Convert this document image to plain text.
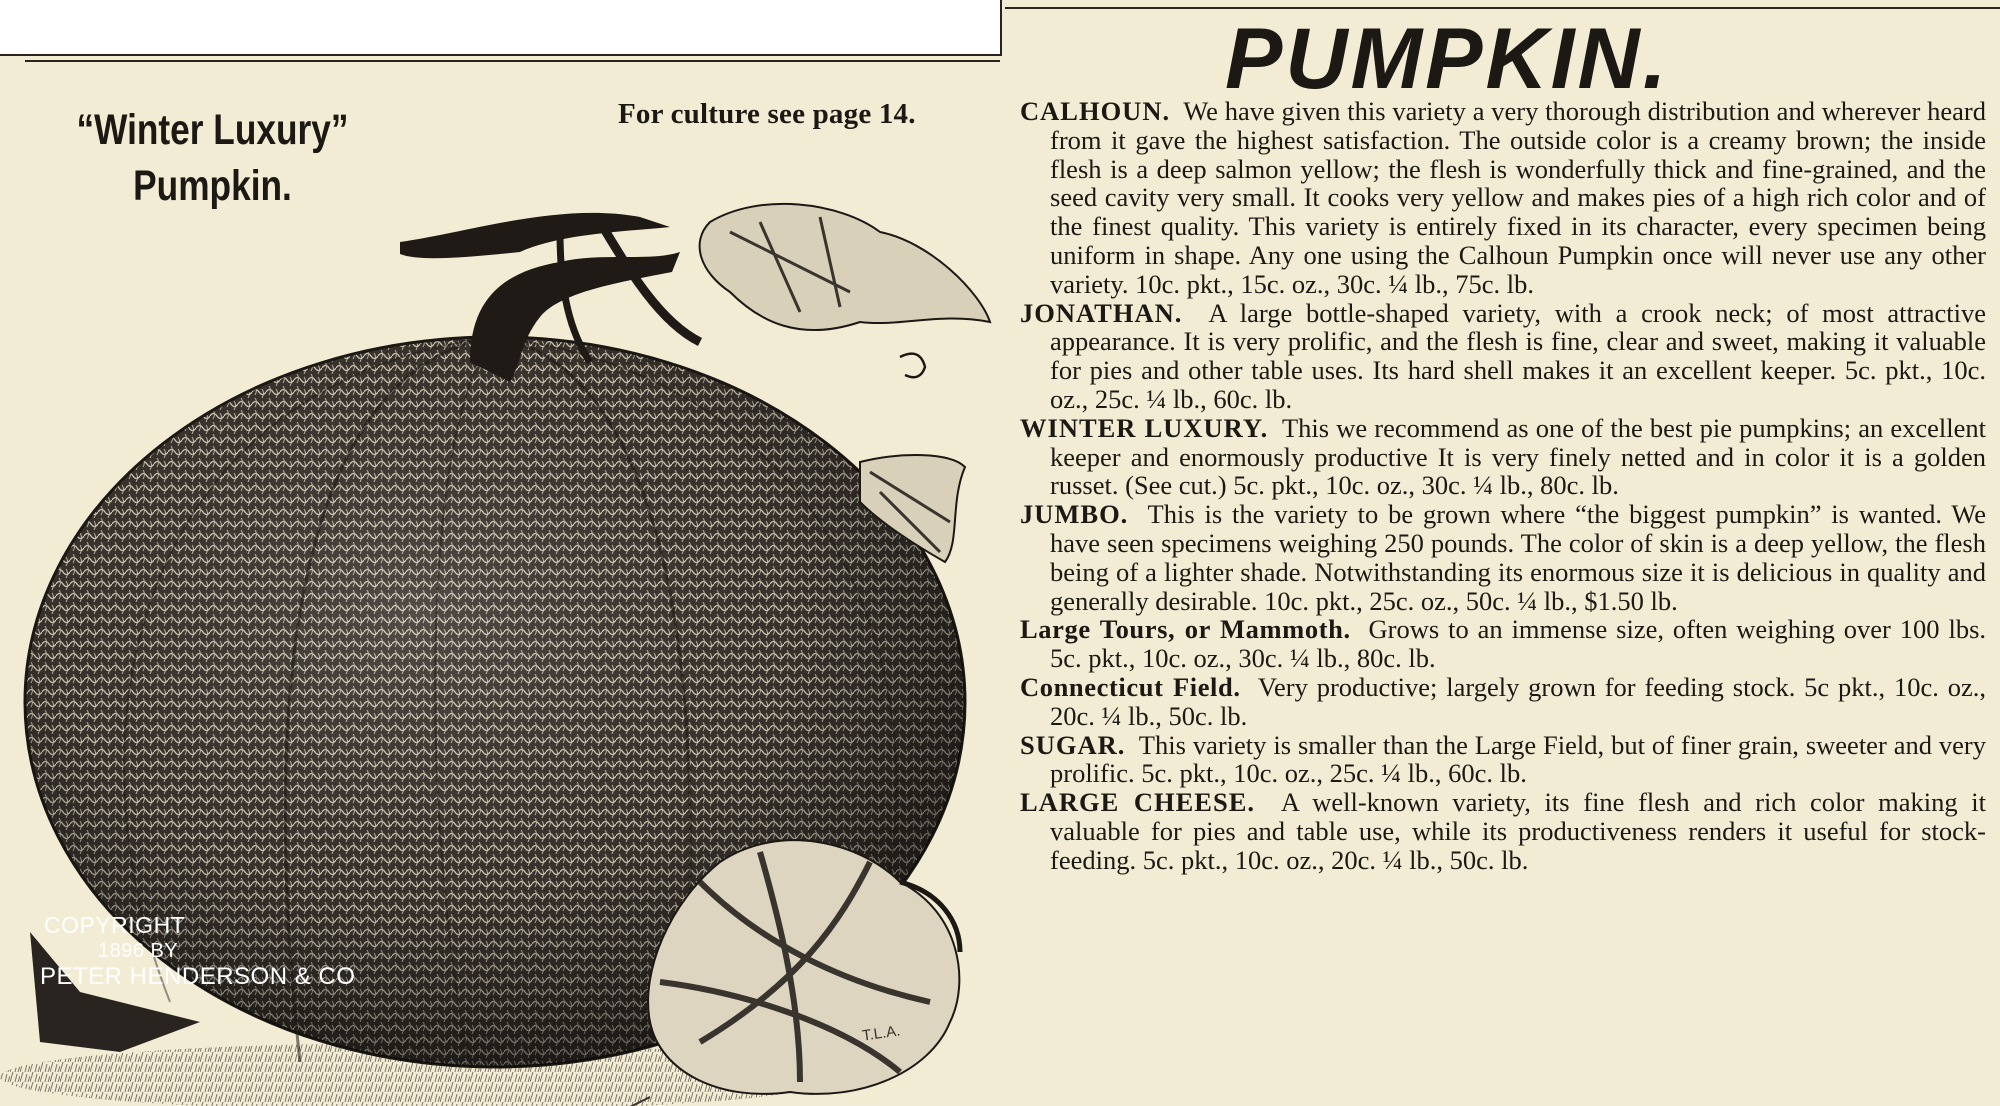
“Winter Luxury”
Pumpkin.
For culture see page 14.
COPYRIGHT
1896 BY
PETER HENDERSON & CO
T.L.A.
PUMPKIN.

CALHOUN. We have given this variety a very thorough distribution and wherever heard from it gave the highest satisfaction. The outside color is a creamy brown; the inside flesh is a deep salmon yellow; the flesh is wonderfully thick and fine-grained, and the seed cavity very small. It cooks very yellow and makes pies of a high rich color and of the finest quality. This variety is entirely fixed in its character, every specimen being uniform in shape. Any one using the Calhoun Pumpkin once will never use any other variety. 10c. pkt., 15c. oz., 30c. ¼ lb., 75c. lb.

JONATHAN. A large bottle-shaped variety, with a crook neck; of most attractive appearance. It is very prolific, and the flesh is fine, clear and sweet, making it valuable for pies and other table uses. Its hard shell makes it an excellent keeper. 5c. pkt., 10c. oz., 25c. ¼ lb., 60c. lb.

WINTER LUXURY. This we recommend as one of the best pie pumpkins; an excellent keeper and enormously productive It is very finely netted and in color it is a golden russet. (See cut.) 5c. pkt., 10c. oz., 30c. ¼ lb., 80c. lb.

JUMBO. This is the variety to be grown where “the biggest pumpkin” is wanted. We have seen specimens weighing 250 pounds. The color of skin is a deep yellow, the flesh being of a lighter shade. Notwithstanding its enormous size it is delicious in quality and generally desirable. 10c. pkt., 25c. oz., 50c. ¼ lb., $1.50 lb.

Large Tours, or Mammoth. Grows to an immense size, often weighing over 100 lbs. 5c. pkt., 10c. oz., 30c. ¼ lb., 80c. lb.

Connecticut Field. Very productive; largely grown for feeding stock. 5c pkt., 10c. oz., 20c. ¼ lb., 50c. lb.

SUGAR. This variety is smaller than the Large Field, but of finer grain, sweeter and very prolific. 5c. pkt., 10c. oz., 25c. ¼ lb., 60c. lb.

LARGE CHEESE. A well-known variety, its fine flesh and rich color making it valuable for pies and table use, while its productiveness renders it useful for stock-feeding. 5c. pkt., 10c. oz., 20c. ¼ lb., 50c. lb.
